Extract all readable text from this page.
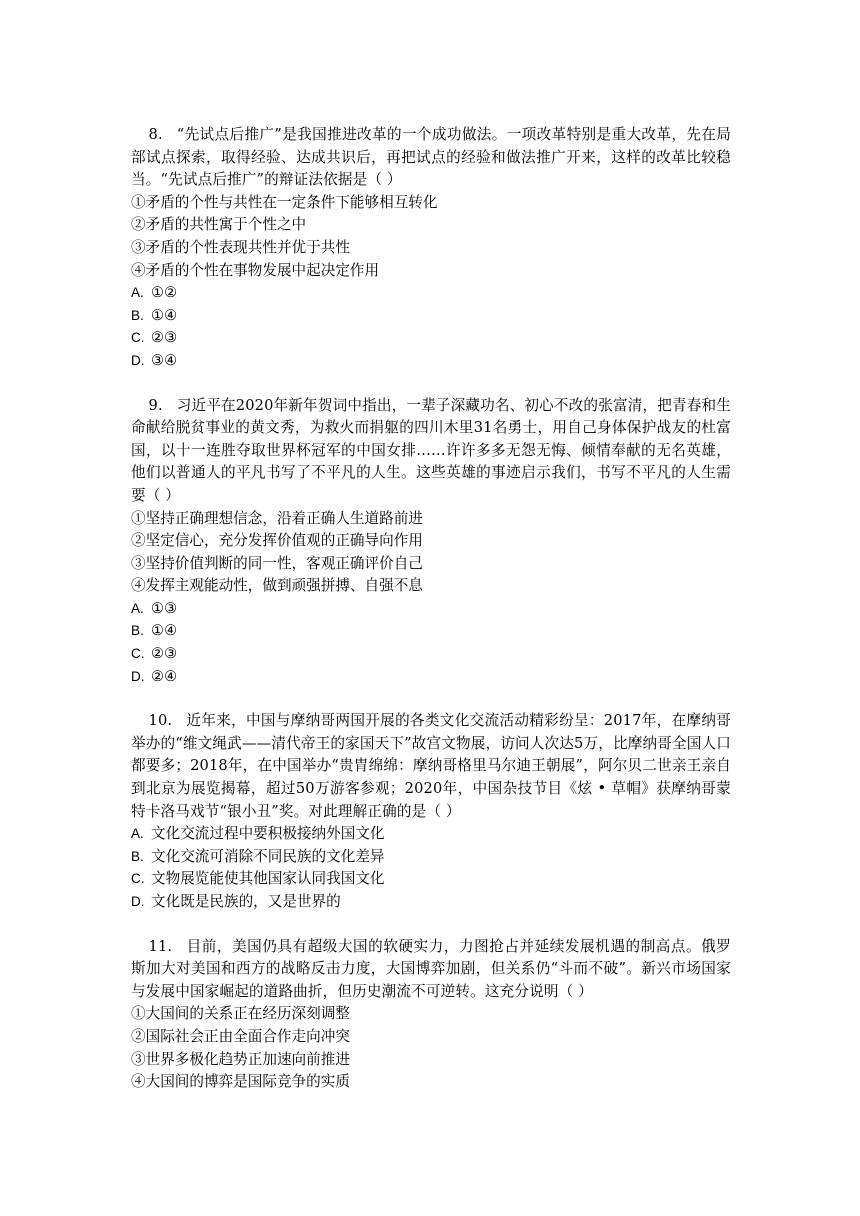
8. “先试点后推广”是我国推进改革的一个成功做法。一项改革特别是重大改革，先在局部试点探索，取得经验、达成共识后，再把试点的经验和做法推广开来，这样的改革比较稳当。“先试点后推广”的辩证法依据是（ ）

①矛盾的个性与共性在一定条件下能够相互转化

②矛盾的共性寓于个性之中

③矛盾的个性表现共性并优于共性

④矛盾的个性在事物发展中起决定作用

A. ①②

B. ①④

C. ②③

D. ③④

9. 习近平在2020年新年贺词中指出，一辈子深藏功名、初心不改的张富清，把青春和生命献给脱贫事业的黄文秀，为救火而捐躯的四川木里31名勇士，用自己身体保护战友的杜富国，以十一连胜夺取世界杯冠军的中国女排……许许多多无怨无悔、倾情奉献的无名英雄，他们以普通人的平凡书写了不平凡的人生。这些英雄的事迹启示我们，书写不平凡的人生需要（ ）

①坚持正确理想信念，沿着正确人生道路前进

②坚定信心，充分发挥价值观的正确导向作用

③坚持价值判断的同一性，客观正确评价自己

④发挥主观能动性，做到顽强拼搏、自强不息

A. ①③

B. ①④

C. ②③

D. ②④

10. 近年来，中国与摩纳哥两国开展的各类文化交流活动精彩纷呈：2017年，在摩纳哥举办的“维文绳武——清代帝王的家国天下”故宫文物展，访问人次达5万，比摩纳哥全国人口都要多；2018年，在中国举办“贵胄绵绵：摩纳哥格里马尔迪王朝展”，阿尔贝二世亲王亲自到北京为展览揭幕，超过50万游客参观；2020年，中国杂技节目《炫 • 草帽》获摩纳哥蒙特卡洛马戏节“银小丑”奖。对此理解正确的是（ ）

A. 文化交流过程中要积极接纳外国文化

B. 文化交流可消除不同民族的文化差异

C. 文物展览能使其他国家认同我国文化

D. 文化既是民族的，又是世界的

11. 目前，美国仍具有超级大国的软硬实力，力图抢占并延续发展机遇的制高点。俄罗斯加大对美国和西方的战略反击力度，大国博弈加剧，但关系仍“斗而不破”。新兴市场国家与发展中国家崛起的道路曲折，但历史潮流不可逆转。这充分说明（ ）

①大国间的关系正在经历深刻调整

②国际社会正由全面合作走向冲突

③世界多极化趋势正加速向前推进

④大国间的博弈是国际竞争的实质
